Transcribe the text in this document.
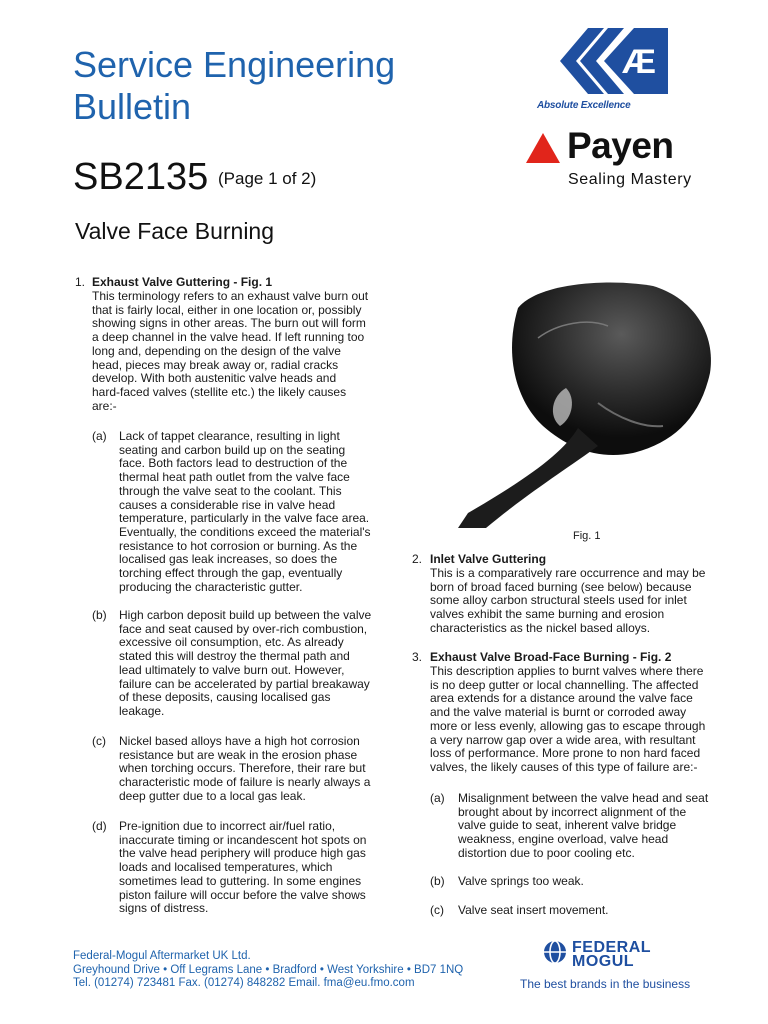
Service Engineering
Bulletin
SB2135 (Page 1 of 2)
Valve Face Burning
Æ
Absolute Excellence
Payen
Sealing Mastery
1. Exhaust Valve Guttering - Fig. 1
This terminology refers to an exhaust valve burn out
that is fairly local, either in one location or, possibly
showing signs in other areas. The burn out will form
a deep channel in the valve head. If left running too
long and, depending on the design of the valve
head, pieces may break away or, radial cracks
develop. With both austenitic valve heads and
hard-faced valves (stellite etc.) the likely causes
are:-
(a) Lack of tappet clearance, resulting in light
seating and carbon build up on the seating
face. Both factors lead to destruction of the
thermal heat path outlet from the valve face
through the valve seat to the coolant. This
causes a considerable rise in valve head
temperature, particularly in the valve face area.
Eventually, the conditions exceed the material's
resistance to hot corrosion or burning. As the
localised gas leak increases, so does the
torching effect through the gap, eventually
producing the characteristic gutter.
(b) High carbon deposit build up between the valve
face and seat caused by over-rich combustion,
excessive oil consumption, etc. As already
stated this will destroy the thermal path and
lead ultimately to valve burn out. However,
failure can be accelerated by partial breakaway
of these deposits, causing localised gas
leakage.
(c) Nickel based alloys have a high hot corrosion
resistance but are weak in the erosion phase
when torching occurs. Therefore, their rare but
characteristic mode of failure is nearly always a
deep gutter due to a local gas leak.
(d) Pre-ignition due to incorrect air/fuel ratio,
inaccurate timing or incandescent hot spots on
the valve head periphery will produce high gas
loads and localised temperatures, which
sometimes lead to guttering. In some engines
piston failure will occur before the valve shows
signs of distress.
Fig. 1
2. Inlet Valve Guttering
This is a comparatively rare occurrence and may be
born of broad faced burning (see below) because
some alloy carbon structural steels used for inlet
valves exhibit the same burning and erosion
characteristics as the nickel based alloys.
3. Exhaust Valve Broad-Face Burning - Fig. 2
This description applies to burnt valves where there
is no deep gutter or local channelling. The affected
area extends for a distance around the valve face
and the valve material is burnt or corroded away
more or less evenly, allowing gas to escape through
a very narrow gap over a wide area, with resultant
loss of performance. More prone to non hard faced
valves, the likely causes of this type of failure are:-
(a) Misalignment between the valve head and seat
brought about by incorrect alignment of the
valve guide to seat, inherent valve bridge
weakness, engine overload, valve head
distortion due to poor cooling etc.
(b) Valve springs too weak.
(c) Valve seat insert movement.
Federal-Mogul Aftermarket UK Ltd.
Greyhound Drive • Off Legrams Lane • Bradford • West Yorkshire • BD7 1NQ
Tel. (01274) 723481 Fax. (01274) 848282 Email. fma@eu.fmo.com
FEDERAL
MOGUL
The best brands in the business
